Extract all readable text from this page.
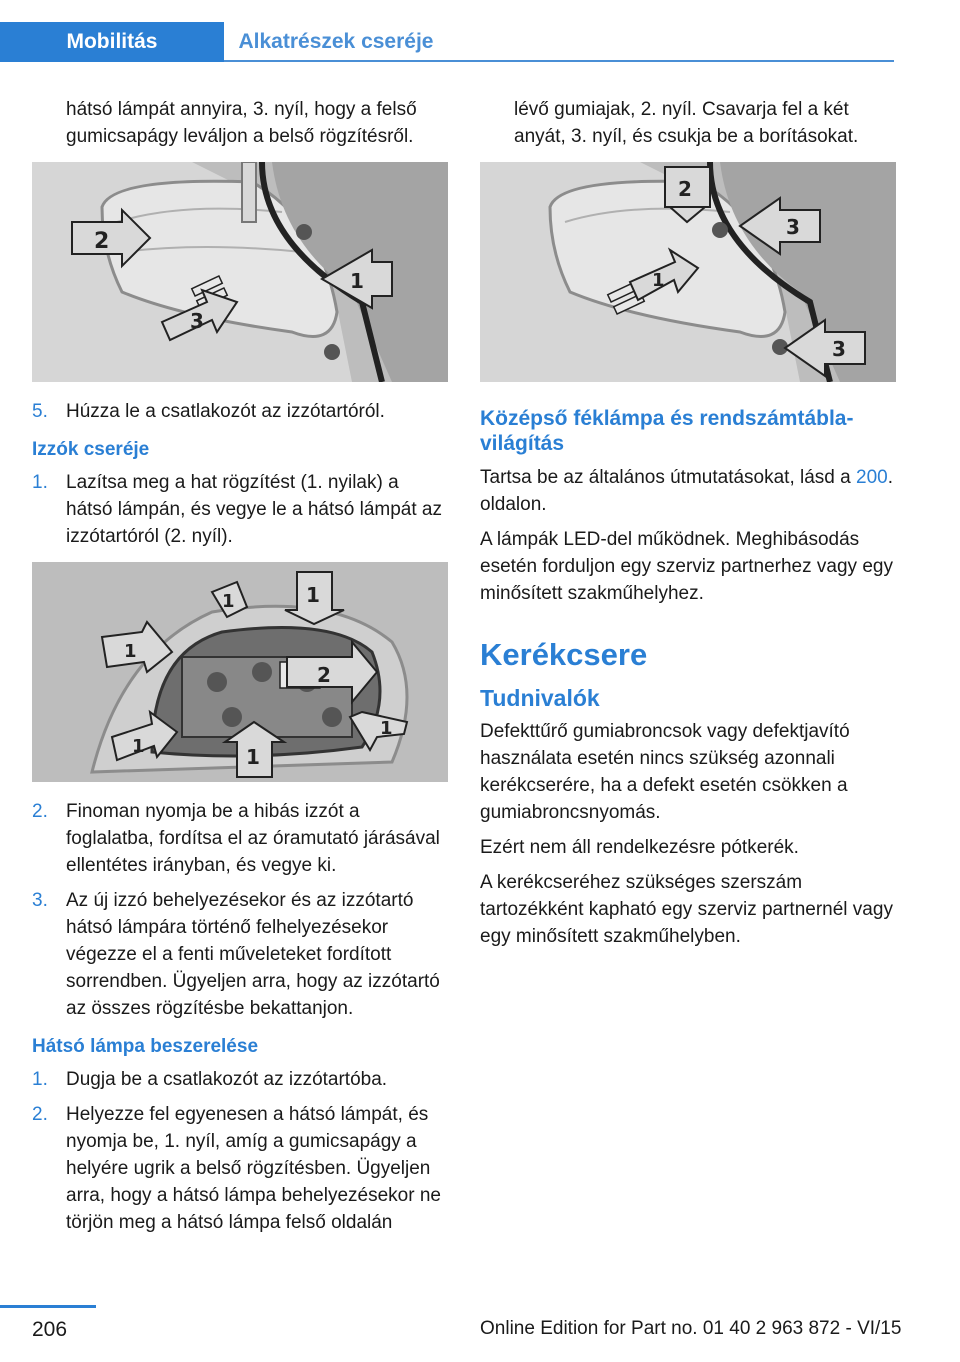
Mobilitás	Alkatrészek cseréje

hátsó lámpát annyira, 3. nyíl, hogy a felső gumicsapágy leváljon a belső rögzítésről.

2
3
1
5. Húzza le a csatlakozót az izzótartóról.
Izzók cseréje
1. Lazítsa meg a hat rögzítést (1. nyilak) a hátsó lámpán, és vegye le a hátsó lámpát az izzótartóról (2. nyíl).
1	1
1
2
1	1
1
2. Finoman nyomja be a hibás izzót a foglalatba, fordítsa el az óramutató járásával ellentétes irányban, és vegye ki.
3. Az új izzó behelyezésekor és az izzótartó hátsó lámpára történő felhelyezésekor végezze el a fenti műveleteket fordított sorrendben. Ügyeljen arra, hogy az izzótartó az összes rögzítésbe bekattanjon.
Hátsó lámpa beszerelése
1. Dugja be a csatlakozót az izzótartóba.
2. Helyezze fel egyenesen a hátsó lámpát, és nyomja be, 1. nyíl, amíg a gumicsapágy a helyére ugrik a belső rögzítésben. Ügyeljen arra, hogy a hátsó lámpa behelyezésekor ne törjön meg a hátsó lámpa felső oldalán

lévő gumiajak, 2. nyíl. Csavarja fel a két anyát, 3. nyíl, és csukja be a borításokat.

2
3
1
3
Középső féklámpa és rendszámtábla-világítás

Tartsa be az általános útmutatásokat, lásd a 200. oldalon.

A lámpák LED-del működnek. Meghibásodás esetén forduljon egy szerviz partnerhez vagy egy minősített szakműhelyhez.

Kerékcsere
Tudnivalók

Defekttűrő gumiabroncsok vagy defektjavító használata esetén nincs szükség azonnali kerékcserére, ha a defekt esetén csökken a gumiabroncsnyomás.

Ezért nem áll rendelkezésre pótkerék.

A kerékcseréhez szükséges szerszám tartozékként kapható egy szerviz partnernél vagy egy minősített szakműhelyben.

206	Online Edition for Part no. 01 40 2 963 872 - VI/15
